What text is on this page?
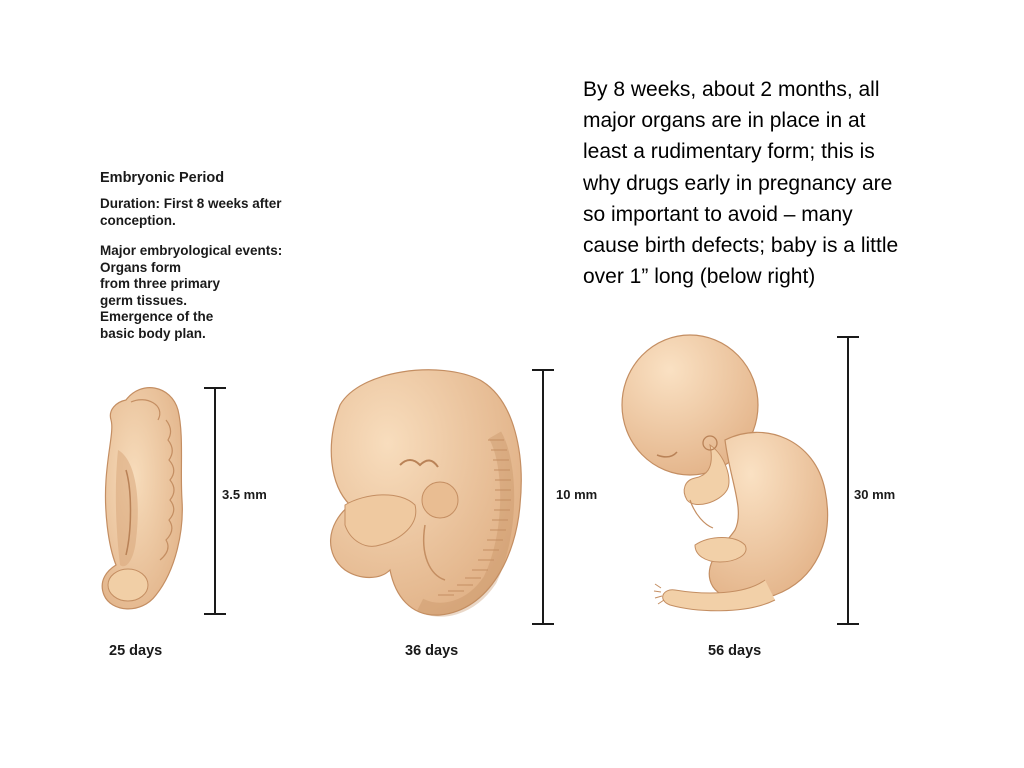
By 8 weeks, about 2 months, all
major organs are in place in at
least a rudimentary form; this is
why drugs early in pregnancy are
so important to avoid – many
cause birth defects; baby is a little
over 1” long (below right)
Embryonic Period
Duration: First 8 weeks after
conception.
Major embryological events:
Organs form
from three primary
germ tissues.
Emergence of the
basic body plan.
3.5 mm	10 mm	30 mm
25 days	36 days	56 days
